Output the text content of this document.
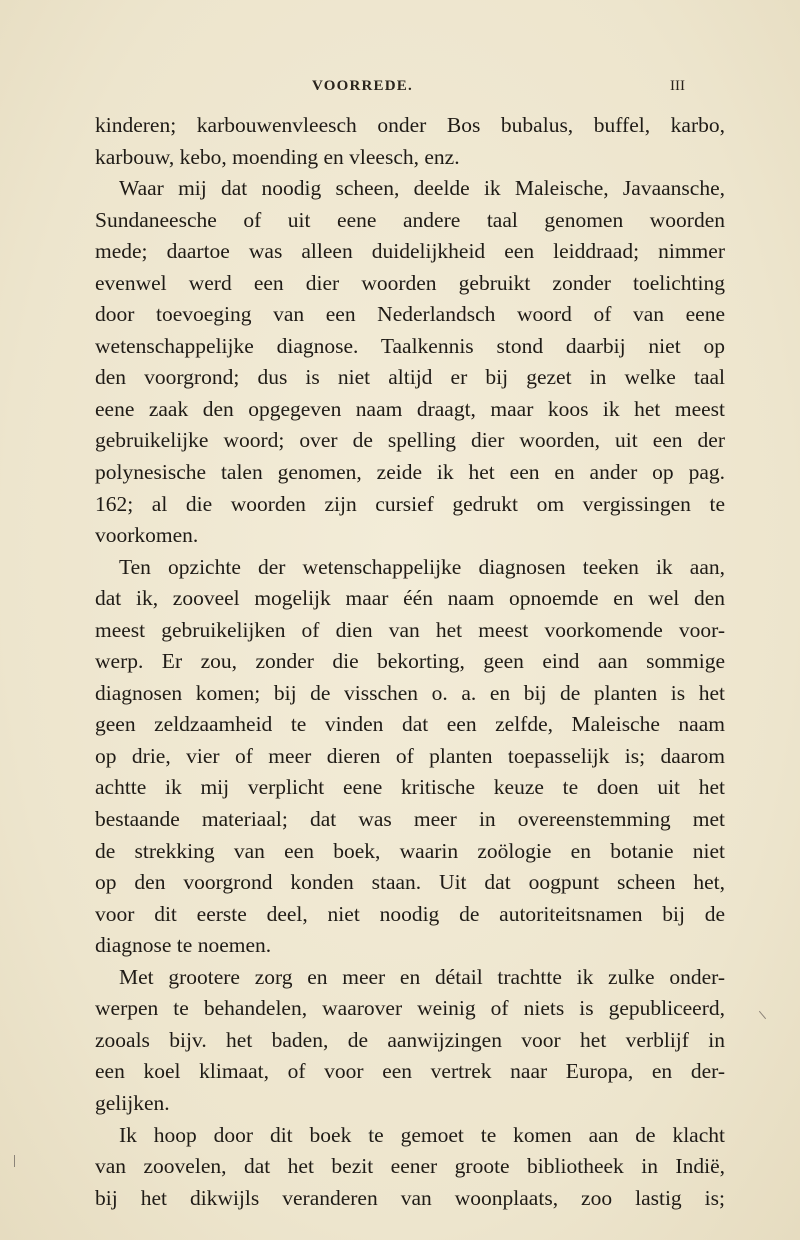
VOORREDE.	III
kinderen; karbouwenvleesch onder Bos bubalus, buffel, karbo,
karbouw, kebo, moending en vleesch, enz.
Waar mij dat noodig scheen, deelde ik Maleische, Javaansche,
Sundaneesche of uit eene andere taal genomen woorden
mede; daartoe was alleen duidelijkheid een leiddraad; nimmer
evenwel werd een dier woorden gebruikt zonder toelichting
door toevoeging van een Nederlandsch woord of van eene
wetenschappelijke diagnose. Taalkennis stond daarbij niet op
den voorgrond; dus is niet altijd er bij gezet in welke taal
eene zaak den opgegeven naam draagt, maar koos ik het meest
gebruikelijke woord; over de spelling dier woorden, uit een der
polynesische talen genomen, zeide ik het een en ander op pag.
162; al die woorden zijn cursief gedrukt om vergissingen te
voorkomen.
Ten opzichte der wetenschappelijke diagnosen teeken ik aan,
dat ik, zooveel mogelijk maar één naam opnoemde en wel den
meest gebruikelijken of dien van het meest voorkomende voor-
werp. Er zou, zonder die bekorting, geen eind aan sommige
diagnosen komen; bij de visschen o. a. en bij de planten is het
geen zeldzaamheid te vinden dat een zelfde, Maleische naam
op drie, vier of meer dieren of planten toepasselijk is; daarom
achtte ik mij verplicht eene kritische keuze te doen uit het
bestaande materiaal; dat was meer in overeenstemming met
de strekking van een boek, waarin zoölogie en botanie niet
op den voorgrond konden staan. Uit dat oogpunt scheen het,
voor dit eerste deel, niet noodig de autoriteitsnamen bij de
diagnose te noemen.
Met grootere zorg en meer en détail trachtte ik zulke onder-
werpen te behandelen, waarover weinig of niets is gepubliceerd,
zooals bijv. het baden, de aanwijzingen voor het verblijf in
een koel klimaat, of voor een vertrek naar Europa, en der-
gelijken.
Ik hoop door dit boek te gemoet te komen aan de klacht
van zoovelen, dat het bezit eener groote bibliotheek in Indië,
bij het dikwijls veranderen van woonplaats, zoo lastig is;
